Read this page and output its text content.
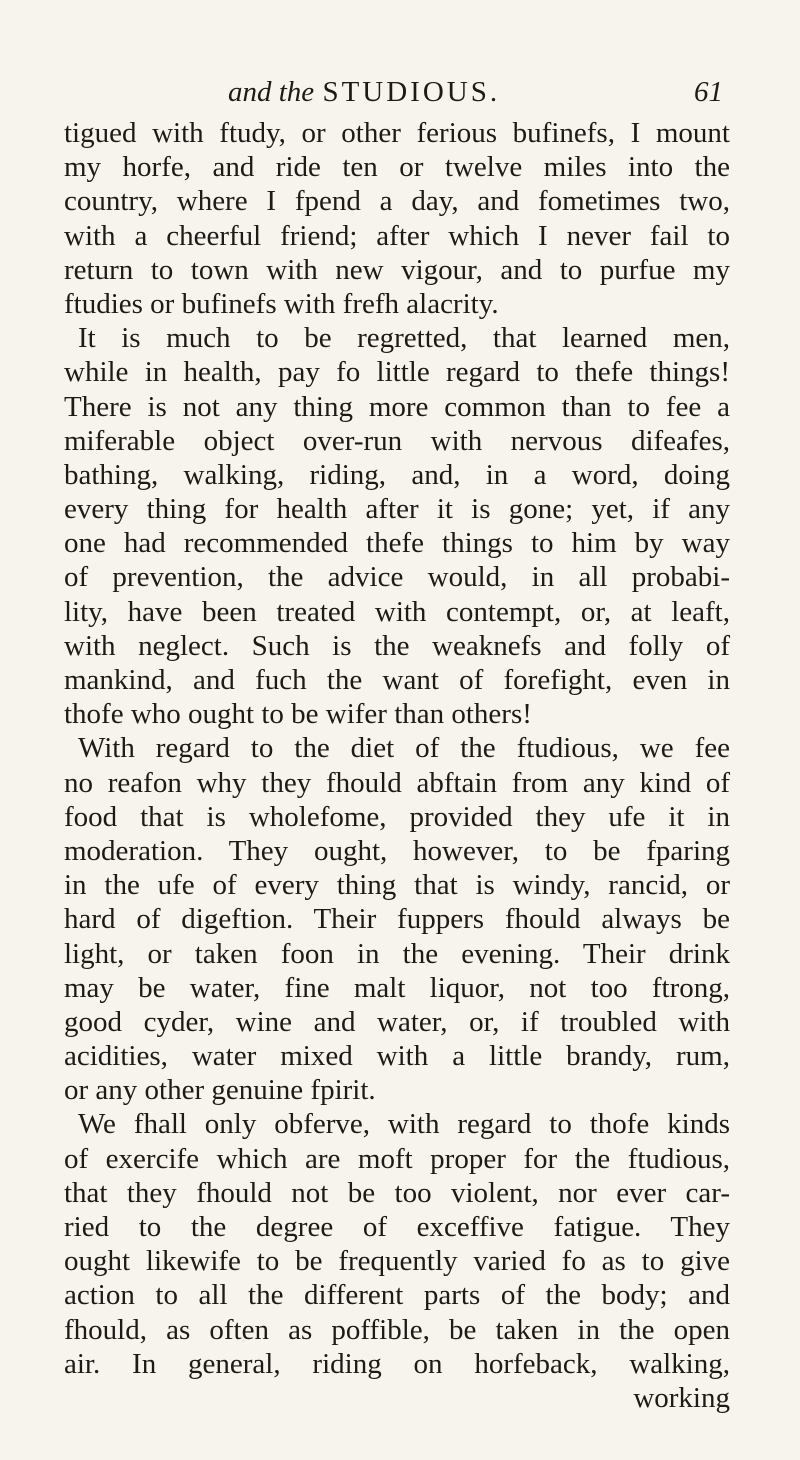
and the STUDIOUS.	61
tigued with ftudy, or other ferious bufinefs, I mount
my horfe, and ride ten or twelve miles into the
country, where I fpend a day, and fometimes two,
with a cheerful friend; after which I never fail to
return to town with new vigour, and to purfue my
ftudies or bufinefs with frefh alacrity.
It is much to be regretted, that learned men,
while in health, pay fo little regard to thefe things!
There is not any thing more common than to fee a
miferable object over-run with nervous difeafes,
bathing, walking, riding, and, in a word, doing
every thing for health after it is gone; yet, if any
one had recommended thefe things to him by way
of prevention, the advice would, in all probabi-
lity, have been treated with contempt, or, at leaft,
with neglect. Such is the weaknefs and folly of
mankind, and fuch the want of forefight, even in
thofe who ought to be wifer than others!
With regard to the diet of the ftudious, we fee
no reafon why they fhould abftain from any kind of
food that is wholefome, provided they ufe it in
moderation. They ought, however, to be fparing
in the ufe of every thing that is windy, rancid, or
hard of digeftion. Their fuppers fhould always be
light, or taken foon in the evening. Their drink
may be water, fine malt liquor, not too ftrong,
good cyder, wine and water, or, if troubled with
acidities, water mixed with a little brandy, rum,
or any other genuine fpirit.
We fhall only obferve, with regard to thofe kinds
of exercife which are moft proper for the ftudious,
that they fhould not be too violent, nor ever car-
ried to the degree of exceffive fatigue. They
ought likewife to be frequently varied fo as to give
action to all the different parts of the body; and
fhould, as often as poffible, be taken in the open
air. In general, riding on horfeback, walking,
working
